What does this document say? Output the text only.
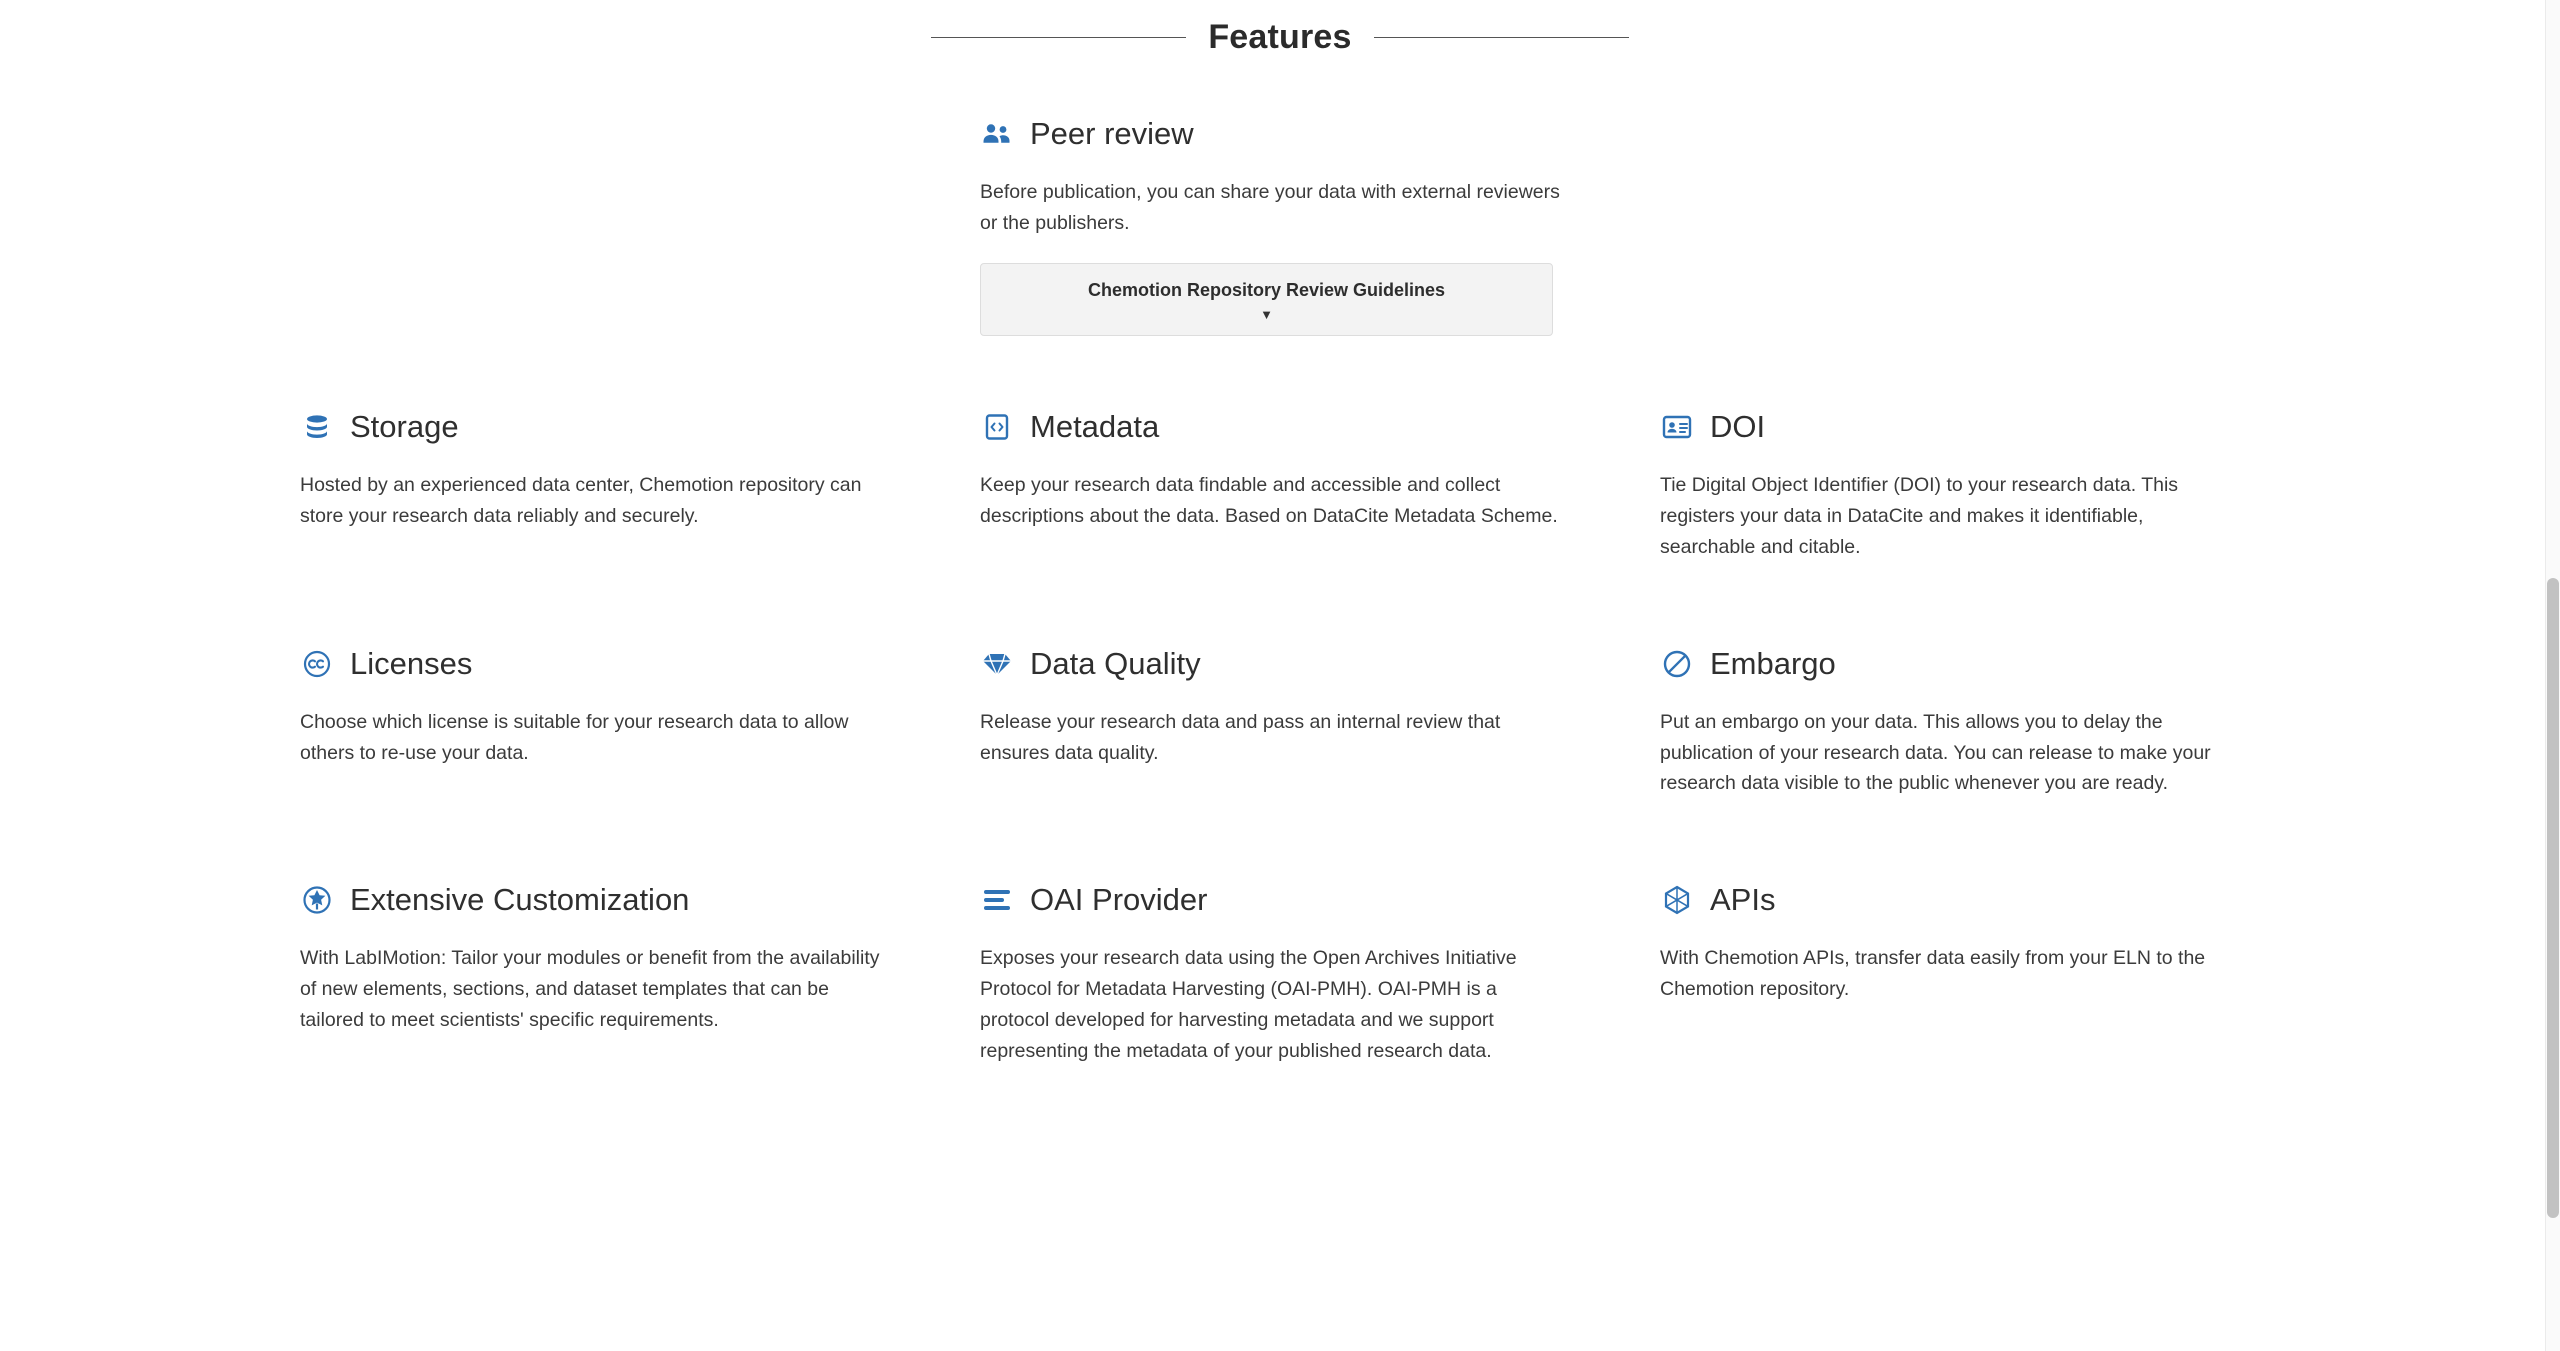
Features
Peer review
Before publication, you can share your data with external reviewers or the publishers.
Chemotion Repository Review Guidelines
▼
Storage
Hosted by an experienced data center, Chemotion repository can store your research data reliably and securely.
Metadata
Keep your research data findable and accessible and collect descriptions about the data. Based on DataCite Metadata Scheme.
DOI
Tie Digital Object Identifier (DOI) to your research data. This registers your data in DataCite and makes it identifiable, searchable and citable.
Licenses
Choose which license is suitable for your research data to allow others to re-use your data.
Data Quality
Release your research data and pass an internal review that ensures data quality.
Embargo
Put an embargo on your data. This allows you to delay the publication of your research data. You can release to make your research data visible to the public whenever you are ready.
Extensive Customization
With LabIMotion: Tailor your modules or benefit from the availability of new elements, sections, and dataset templates that can be tailored to meet scientists' specific requirements.
OAI Provider
Exposes your research data using the Open Archives Initiative Protocol for Metadata Harvesting (OAI-PMH). OAI-PMH is a protocol developed for harvesting metadata and we support representing the metadata of your published research data.
APIs
With Chemotion APIs, transfer data easily from your ELN to the Chemotion repository.
